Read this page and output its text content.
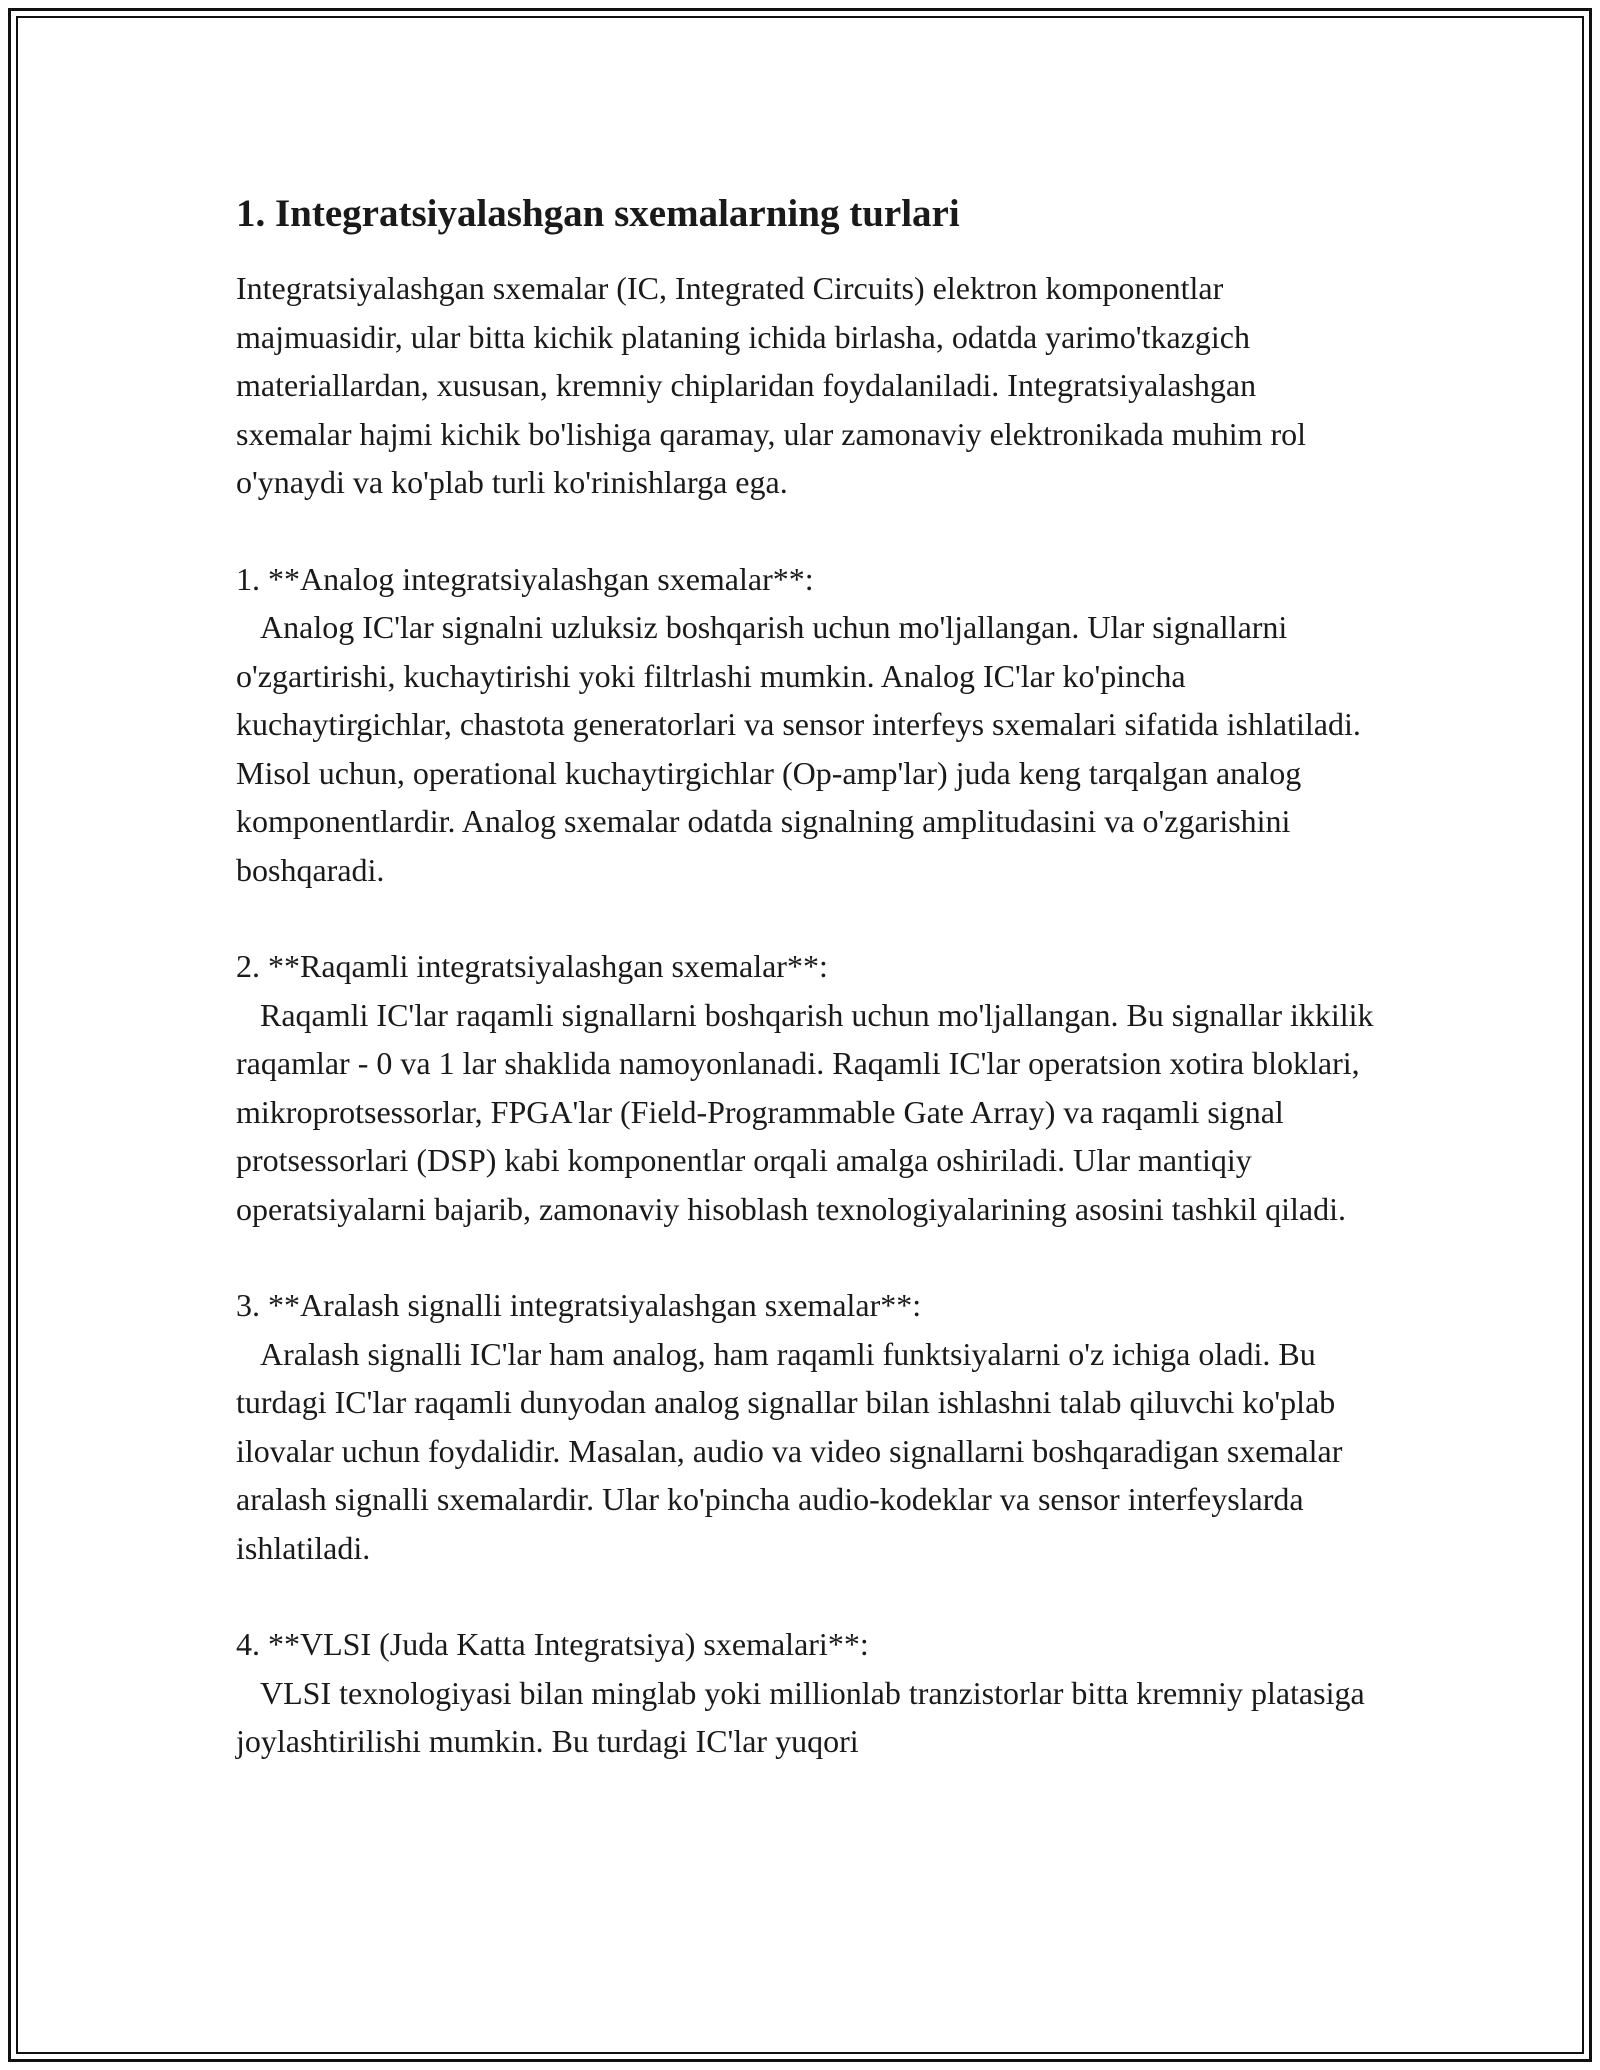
1. Integratsiyalashgan sxemalarning turlari

Integratsiyalashgan sxemalar (IC, Integrated Circuits) elektron komponentlar majmuasidir, ular bitta kichik plataning ichida birlasha, odatda yarimo'tkazgich materiallardan, xususan, kremniy chiplaridan foydalaniladi. Integratsiyalashgan sxemalar hajmi kichik bo'lishiga qaramay, ular zamonaviy elektronikada muhim rol o'ynaydi va ko'plab turli ko'rinishlarga ega.

1. **Analog integratsiyalashgan sxemalar**:

Analog IC'lar signalni uzluksiz boshqarish uchun mo'ljallangan. Ular signallarni o'zgartirishi, kuchaytirishi yoki filtrlashi mumkin. Analog IC'lar ko'pincha kuchaytirgichlar, chastota generatorlari va sensor interfeys sxemalari sifatida ishlatiladi. Misol uchun, operational kuchaytirgichlar (Op-amp'lar) juda keng tarqalgan analog komponentlardir. Analog sxemalar odatda signalning amplitudasini va o'zgarishini boshqaradi.

2. **Raqamli integratsiyalashgan sxemalar**:

Raqamli IC'lar raqamli signallarni boshqarish uchun mo'ljallangan. Bu signallar ikkilik raqamlar - 0 va 1 lar shaklida namoyonlanadi. Raqamli IC'lar operatsion xotira bloklari, mikroprotsessorlar, FPGA'lar (Field-Programmable Gate Array) va raqamli signal protsessorlari (DSP) kabi komponentlar orqali amalga oshiriladi. Ular mantiqiy operatsiyalarni bajarib, zamonaviy hisoblash texnologiyalarining asosini tashkil qiladi.

3. **Aralash signalli integratsiyalashgan sxemalar**:

Aralash signalli IC'lar ham analog, ham raqamli funktsiyalarni o'z ichiga oladi. Bu turdagi IC'lar raqamli dunyodan analog signallar bilan ishlashni talab qiluvchi ko'plab ilovalar uchun foydalidir. Masalan, audio va video signallarni boshqaradigan sxemalar aralash signalli sxemalardir. Ular ko'pincha audio-kodeklar va sensor interfeyslarda ishlatiladi.

4. **VLSI (Juda Katta Integratsiya) sxemalari**:

VLSI texnologiyasi bilan minglab yoki millionlab tranzistorlar bitta kremniy platasiga joylashtirilishi mumkin. Bu turdagi IC'lar yuqori
